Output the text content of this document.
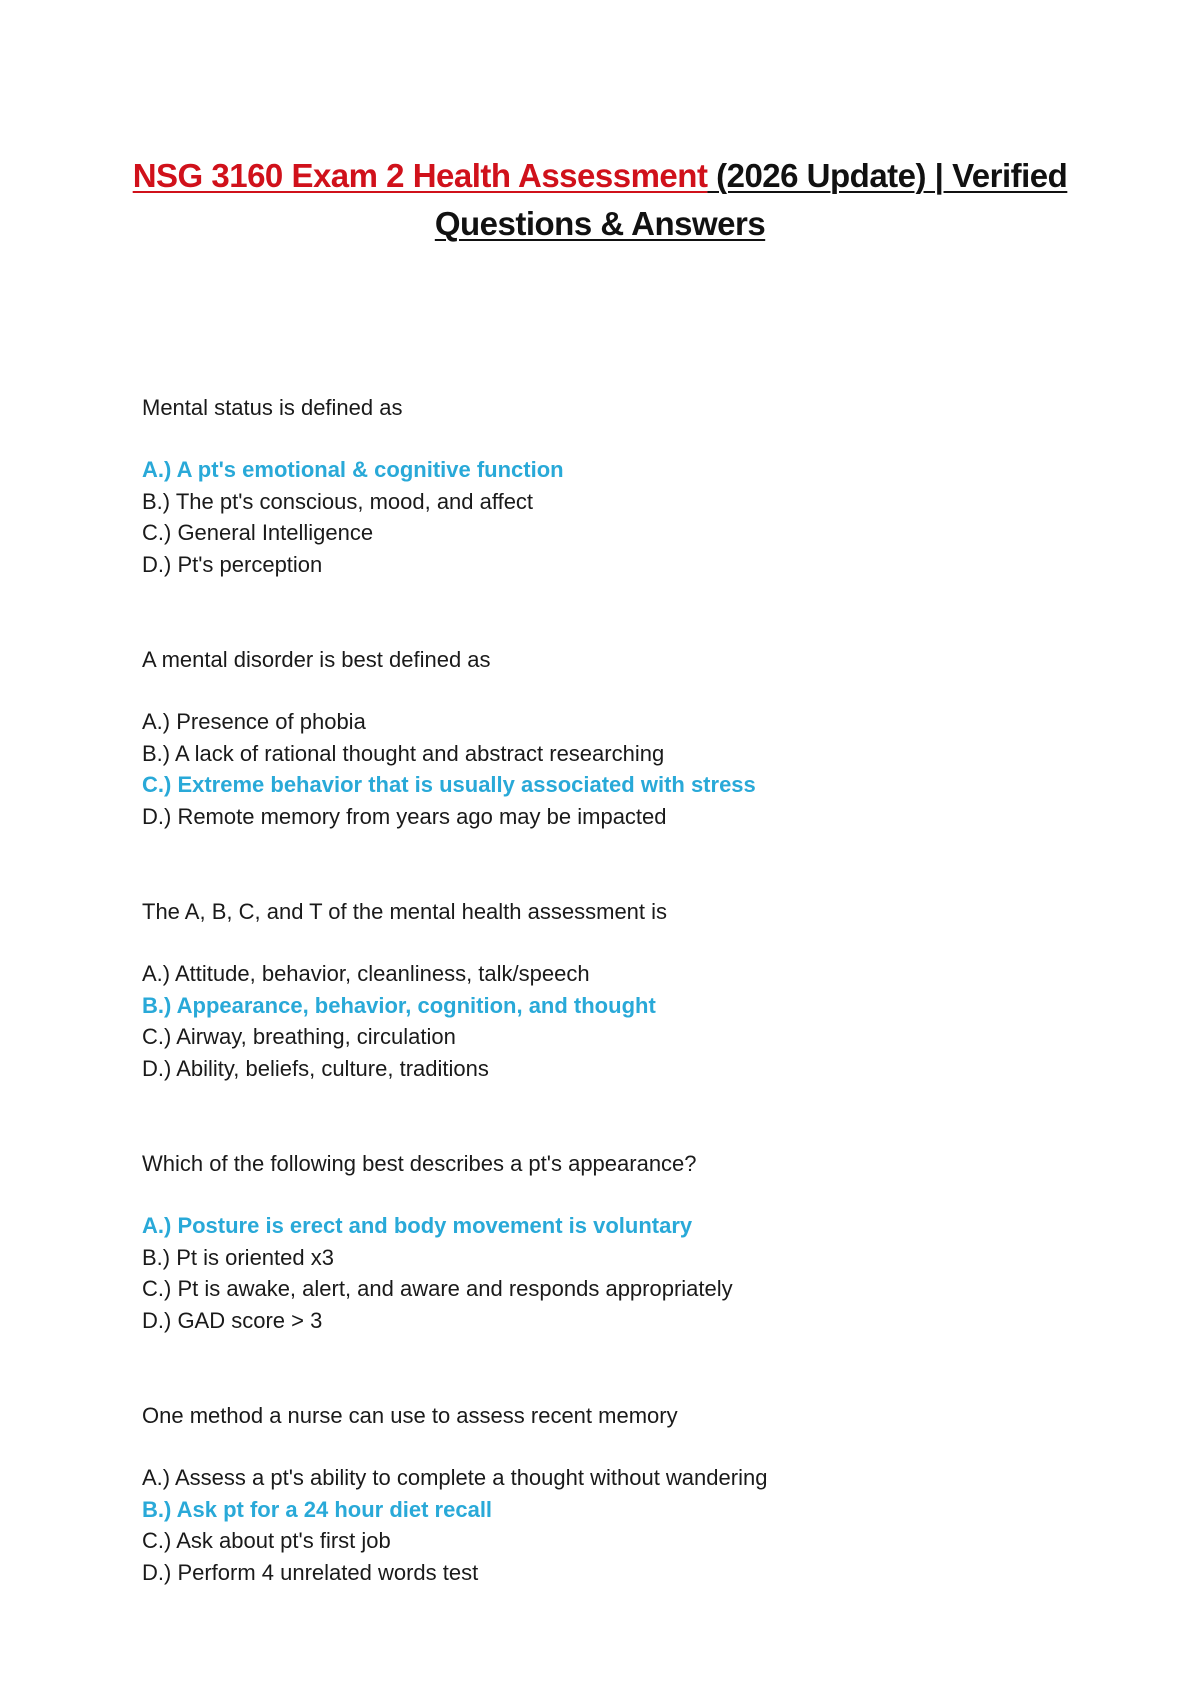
NSG 3160 Exam 2 Health Assessment (2026 Update) | Verified Questions & Answers

Mental status is defined as

A.) A pt's emotional & cognitive function

B.) The pt's conscious, mood, and affect

C.) General Intelligence

D.) Pt's perception

A mental disorder is best defined as

A.) Presence of phobia

B.) A lack of rational thought and abstract researching

C.) Extreme behavior that is usually associated with stress

D.) Remote memory from years ago may be impacted

The A, B, C, and T of the mental health assessment is

A.) Attitude, behavior, cleanliness, talk/speech

B.) Appearance, behavior, cognition, and thought

C.) Airway, breathing, circulation

D.) Ability, beliefs, culture, traditions

Which of the following best describes a pt's appearance?

A.) Posture is erect and body movement is voluntary

B.) Pt is oriented x3

C.) Pt is awake, alert, and aware and responds appropriately

D.) GAD score > 3

One method a nurse can use to assess recent memory

A.) Assess a pt's ability to complete a thought without wandering

B.) Ask pt for a 24 hour diet recall

C.) Ask about pt's first job

D.) Perform 4 unrelated words test
